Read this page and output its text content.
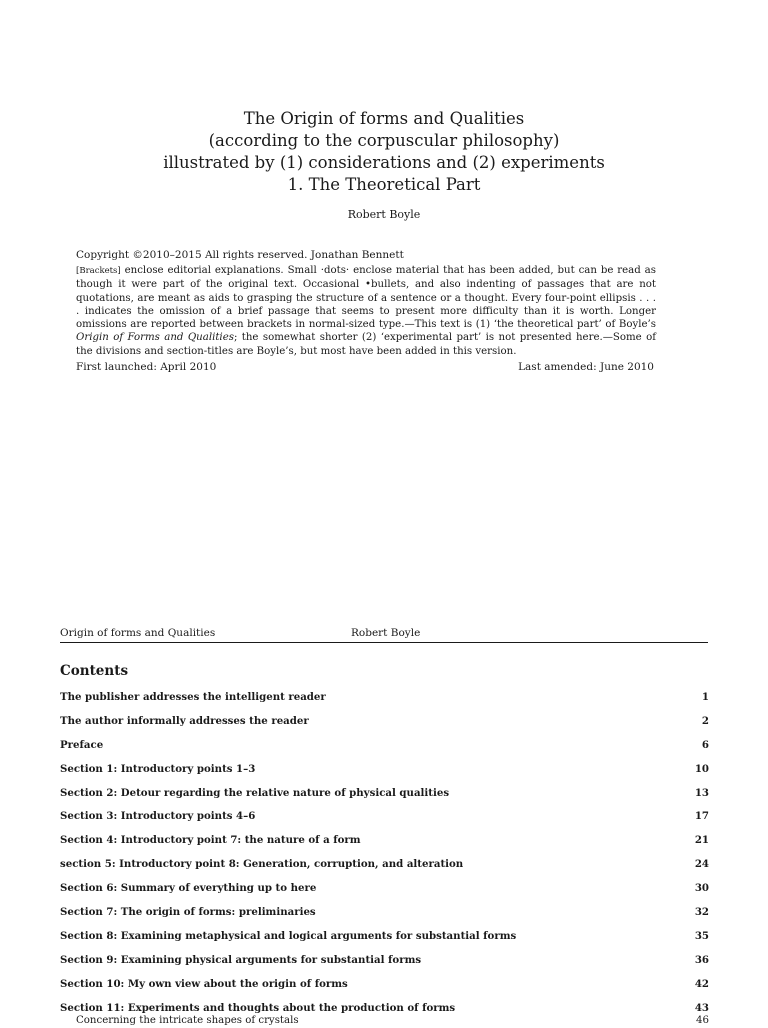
The Origin of forms and Qualities
(according to the corpuscular philosophy)
illustrated by (1) considerations and (2) experiments
1. The Theoretical Part
Robert Boyle
Copyright ©2010–2015 All rights reserved. Jonathan Bennett
[Brackets] enclose editorial explanations. Small ·dots· enclose material that has been added, but can be read as though it were part of the original text. Occasional •bullets, and also indenting of passages that are not quotations, are meant as aids to grasping the structure of a sentence or a thought. Every four-point ellipsis . . . . indicates the omission of a brief passage that seems to present more difficulty than it is worth. Longer omissions are reported between brackets in normal-sized type.—This text is (1) ‘the theoretical part’ of Boyle’s Origin of Forms and Qualities; the somewhat shorter (2) ‘experimental part’ is not presented here.—Some of the divisions and section-titles are Boyle’s, but most have been added in this version.
First launched: April 2010	Last amended: June 2010
Origin of forms and Qualities	Robert Boyle
Contents
The publisher addresses the intelligent reader	1
The author informally addresses the reader	2
Preface	6
Section 1: Introductory points 1–3	10
Section 2: Detour regarding the relative nature of physical qualities	13
Section 3: Introductory points 4–6	17
Section 4: Introductory point 7: the nature of a form	21
section 5: Introductory point 8: Generation, corruption, and alteration	24
Section 6: Summary of everything up to here	30
Section 7: The origin of forms: preliminaries	32
Section 8: Examining metaphysical and logical arguments for substantial forms	35
Section 9: Examining physical arguments for substantial forms	36
Section 10: My own view about the origin of forms	42
Section 11: Experiments and thoughts about the production of forms	43
Concerning the intricate shapes of crystals	46
